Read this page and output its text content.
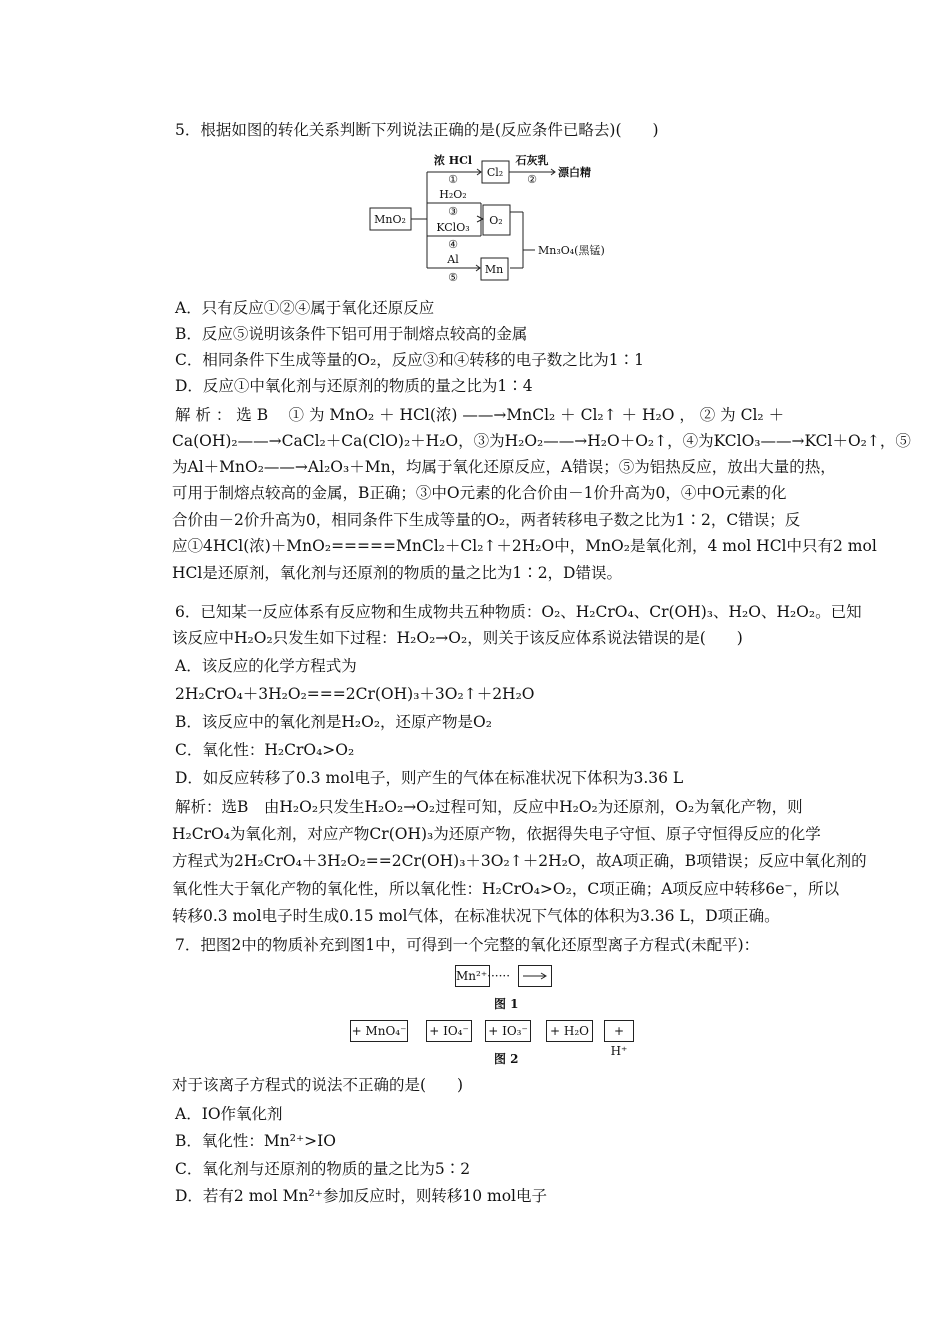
5．根据如图的转化关系判断下列说法正确的是(反应条件已略去)(　　)
MnO₂
浓 HCl
①
Cl₂
石灰乳
②
漂白精
H₂O₂
③
O₂
KClO₃
④	Mn₃O₄(黑锰)
Al
⑤
Mn
A．只有反应①②④属于氧化还原反应
B．反应⑤说明该条件下铝可用于制熔点较高的金属
C．相同条件下生成等量的O₂，反应③和④转移的电子数之比为1∶1
D．反应①中氧化剂与还原剂的物质的量之比为1∶4
解 析 ： 选 B　 ① 为 MnO₂ ＋ HCl(浓) ——→MnCl₂ ＋ Cl₂↑ ＋ H₂O ， ② 为 Cl₂ ＋
Ca(OH)₂——→CaCl₂＋Ca(ClO)₂＋H₂O，③为H₂O₂——→H₂O＋O₂↑，④为KClO₃——→KCl＋O₂↑，⑤
为Al＋MnO₂——→Al₂O₃＋Mn，均属于氧化还原反应，A错误；⑤为铝热反应，放出大量的热，
可用于制熔点较高的金属，B正确；③中O元素的化合价由－1价升高为0，④中O元素的化
合价由－2价升高为0，相同条件下生成等量的O₂，两者转移电子数之比为1∶2，C错误；反
应①4HCl(浓)＋MnO₂=====MnCl₂＋Cl₂↑＋2H₂O中，MnO₂是氧化剂，4 mol HCl中只有2 mol
HCl是还原剂，氧化剂与还原剂的物质的量之比为1∶2，D错误。
6．已知某一反应体系有反应物和生成物共五种物质：O₂、H₂CrO₄、Cr(OH)₃、H₂O、H₂O₂。已知
该反应中H₂O₂只发生如下过程：H₂O₂→O₂，则关于该反应体系说法错误的是(　　)
A．该反应的化学方程式为
2H₂CrO₄＋3H₂O₂===2Cr(OH)₃＋3O₂↑＋2H₂O
B．该反应中的氧化剂是H₂O₂，还原产物是O₂
C．氧化性：H₂CrO₄>O₂
D．如反应转移了0.3 mol电子，则产生的气体在标准状况下体积为3.36 L
解析：选B　由H₂O₂只发生H₂O₂→O₂过程可知，反应中H₂O₂为还原剂，O₂为氧化产物，则
H₂CrO₄为氧化剂，对应产物Cr(OH)₃为还原产物，依据得失电子守恒、原子守恒得反应的化学
方程式为2H₂CrO₄＋3H₂O₂==2Cr(OH)₃＋3O₂↑＋2H₂O，故A项正确，B项错误；反应中氧化剂的
氧化性大于氧化产物的氧化性，所以氧化性：H₂CrO₄>O₂，C项正确；A项反应中转移6e⁻，所以
转移0.3 mol电子时生成0.15 mol气体，在标准状况下气体的体积为3.36 L，D项正确。
7．把图2中的物质补充到图1中，可得到一个完整的氧化还原型离子方程式(未配平)：
Mn²⁺······
图 1
+ MnO₄⁻ + IO₄⁻ + IO₃⁻	+ H₂O	+ H⁺
图 2
对于该离子方程式的说法不正确的是(　　)
A．IO作氧化剂
B．氧化性：Mn²⁺>IO
C．氧化剂与还原剂的物质的量之比为5∶2
D．若有2 mol Mn²⁺参加反应时，则转移10 mol电子
